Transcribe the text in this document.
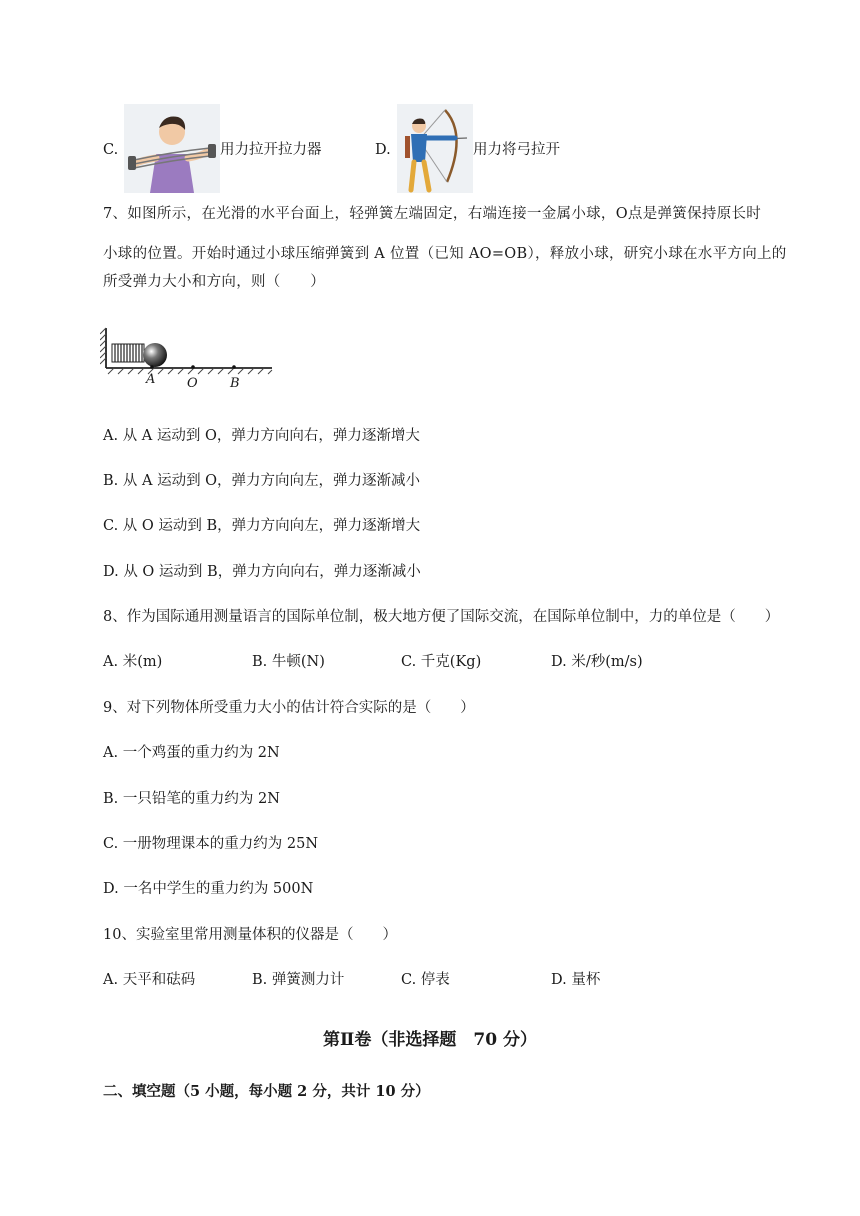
C.	用力拉开拉力器	D.	用力将弓拉开
7、如图所示，在光滑的水平台面上，轻弹簧左端固定，右端连接一金属小球，O点是弹簧保持原长时
小球的位置。开始时通过小球压缩弹簧到 A 位置（已知 AO=OB），释放小球，研究小球在水平方向上的
所受弹力大小和方向，则（　　）
A O B
A. 从 A 运动到 O，弹力方向向右，弹力逐渐增大
B. 从 A 运动到 O，弹力方向向左，弹力逐渐减小
C. 从 O 运动到 B，弹力方向向左，弹力逐渐增大
D. 从 O 运动到 B，弹力方向向右，弹力逐渐减小
8、作为国际通用测量语言的国际单位制，极大地方便了国际交流，在国际单位制中，力的单位是（　　）
A. 米(m)	B. 牛顿(N)	C. 千克(Kg)	D. 米/秒(m/s)
9、对下列物体所受重力大小的估计符合实际的是（　　）
A. 一个鸡蛋的重力约为 2N
B. 一只铅笔的重力约为 2N
C. 一册物理课本的重力约为 25N
D. 一名中学生的重力约为 500N
10、实验室里常用测量体积的仪器是（　　）
A. 天平和砝码	B. 弹簧测力计	C. 停表	D. 量杯
第Ⅱ卷（非选择题　70 分）
二、填空题（5 小题，每小题 2 分，共计 10 分）
